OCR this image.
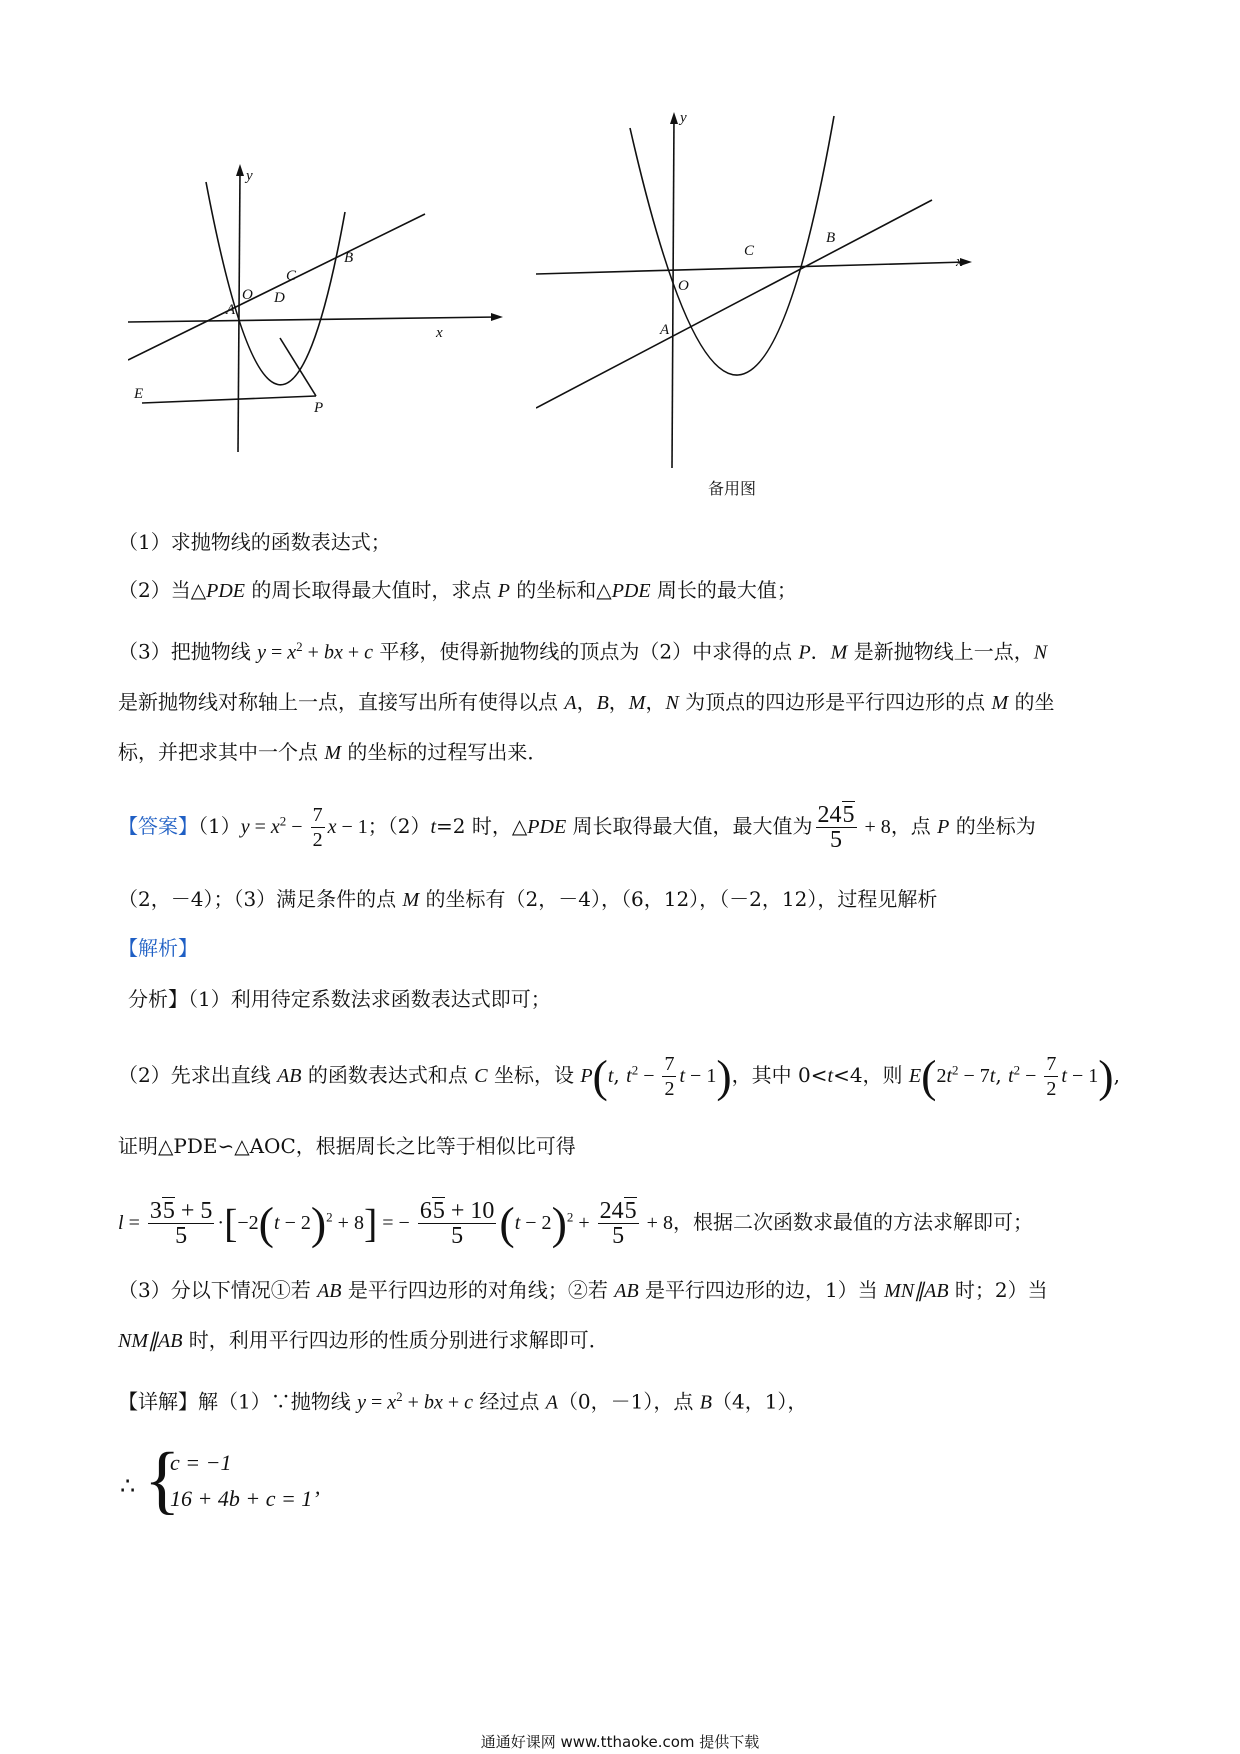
y
x
O
A
B
C
D
E
P
y
x
O
A
B
C
备用图
（1）求抛物线的函数表达式；
（2）当△PDE 的周长取得最大值时，求点 P 的坐标和△PDE 周长的最大值；
（3）把抛物线 $y = x^2$ + bx + c 平移，使得新抛物线的顶点为（2）中求得的点 P．M 是新抛物线上一点，N
是新抛物线对称轴上一点，直接写出所有使得以点 A，B，M，N 为顶点的四边形是平行四边形的点 M 的坐
标，并把求其中一个点 M 的坐标的过程写出来．
【答案】$(1)y = x^2 - \frac{7}{2}$ x − 1；（2）t=2 时，△PDE 周长取得最大值，最大值为 $\frac{245}{5} + 8$，点 P 的坐标为
（2，－4）；（3）满足条件的点 M 的坐标有（2，－4），（6，12），（－2，12），过程见解析
【解析】
分析】（1）利用待定系数法求函数表达式即可；
（2）先求出直线 AB 的函数表达式和点 C 坐标，设 P(t, $t^2 - \frac{7}{2}$ t − 1)，其中 0<t<4，则 $E(2t^2 - 7t$, $t^2 - \frac{7}{2}$ t − 1),
证明△PDE∽△AOC，根据周长之比等于相似比可得
$l = \frac{35 + 5}{5} \cdot[-2(t - 2)^2 + 8]$ = − $\frac{65 + 10}{5} (t - 2)^2 + \frac{245}{5} + 8$，根据二次函数求最值的方法求解即可；
（3）分以下情况①若 AB 是平行四边形的对角线；②若 AB 是平行四边形的边，1）当 MN∥AB 时；2）当
NM∥AB 时，利用平行四边形的性质分别进行求解即可．
【详解】解（1）∵抛物线 $y = x^2$ + bx + c 经过点 A（0，－1），点 B（4，1），
∴ {
c = −1
16 + 4b + c = 1’
通通好课网 www.tthaoke.com 提供下载
